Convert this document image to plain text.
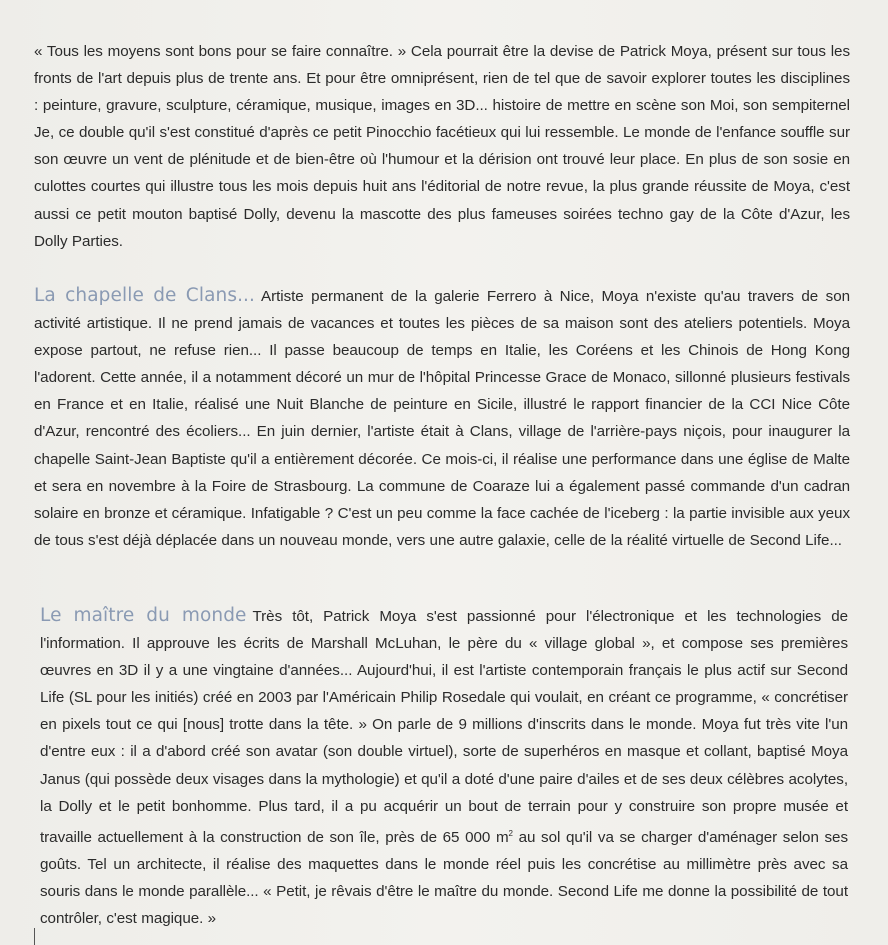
« Tous les moyens sont bons pour se faire connaître. » Cela pourrait être la devise de Patrick Moya, présent sur tous les fronts de l'art depuis plus de trente ans. Et pour être omniprésent, rien de tel que de savoir explorer toutes les disciplines : peinture, gravure, sculpture, céramique, musique, images en 3D... histoire de mettre en scène son Moi, son sempiternel Je, ce double qu'il s'est constitué d'après ce petit Pinocchio facétieux qui lui ressemble. Le monde de l'enfance souffle sur son œuvre un vent de plénitude et de bien-être où l'humour et la dérision ont trouvé leur place. En plus de son sosie en culottes courtes qui illustre tous les mois depuis huit ans l'éditorial de notre revue, la plus grande réussite de Moya, c'est aussi ce petit mouton baptisé Dolly, devenu la mascotte des plus fameuses soirées techno gay de la Côte d'Azur, les Dolly Parties.
La chapelle de Clans... Artiste permanent de la galerie Ferrero à Nice, Moya n'existe qu'au travers de son activité artistique. Il ne prend jamais de vacances et toutes les pièces de sa maison sont des ateliers potentiels. Moya expose partout, ne refuse rien... Il passe beaucoup de temps en Italie, les Coréens et les Chinois de Hong Kong l'adorent. Cette année, il a notamment décoré un mur de l'hôpital Princesse Grace de Monaco, sillonné plusieurs festivals en France et en Italie, réalisé une Nuit Blanche de peinture en Sicile, illustré le rapport financier de la CCI Nice Côte d'Azur, rencontré des écoliers... En juin dernier, l'artiste était à Clans, village de l'arrière-pays niçois, pour inaugurer la chapelle Saint-Jean Baptiste qu'il a entièrement décorée. Ce mois-ci, il réalise une performance dans une église de Malte et sera en novembre à la Foire de Strasbourg. La commune de Coaraze lui a également passé commande d'un cadran solaire en bronze et céramique. Infatigable ? C'est un peu comme la face cachée de l'iceberg : la partie invisible aux yeux de tous s'est déjà déplacée dans un nouveau monde, vers une autre galaxie, celle de la réalité virtuelle de Second Life...
Le maître du monde Très tôt, Patrick Moya s'est passionné pour l'électronique et les technologies de l'information. Il approuve les écrits de Marshall McLuhan, le père du « village global », et compose ses premières œuvres en 3D il y a une vingtaine d'années... Aujourd'hui, il est l'artiste contemporain français le plus actif sur Second Life (SL pour les initiés) créé en 2003 par l'Américain Philip Rosedale qui voulait, en créant ce programme, « concrétiser en pixels tout ce qui [nous] trotte dans la tête. » On parle de 9 millions d'inscrits dans le monde. Moya fut très vite l'un d'entre eux : il a d'abord créé son avatar (son double virtuel), sorte de superhéros en masque et collant, baptisé Moya Janus (qui possède deux visages dans la mythologie) et qu'il a doté d'une paire d'ailes et de ses deux célèbres acolytes, la Dolly et le petit bonhomme. Plus tard, il a pu acquérir un bout de terrain pour y construire son propre musée et travaille actuellement à la construction de son île, près de 65 000 $m^2$ au sol qu'il va se charger d'aménager selon ses goûts. Tel un architecte, il réalise des maquettes dans le monde réel puis les concrétise au millimètre près avec sa souris dans le monde parallèle... « Petit, je rêvais d'être le maître du monde. Second Life me donne la possibilité de tout contrôler, c'est magique. »
